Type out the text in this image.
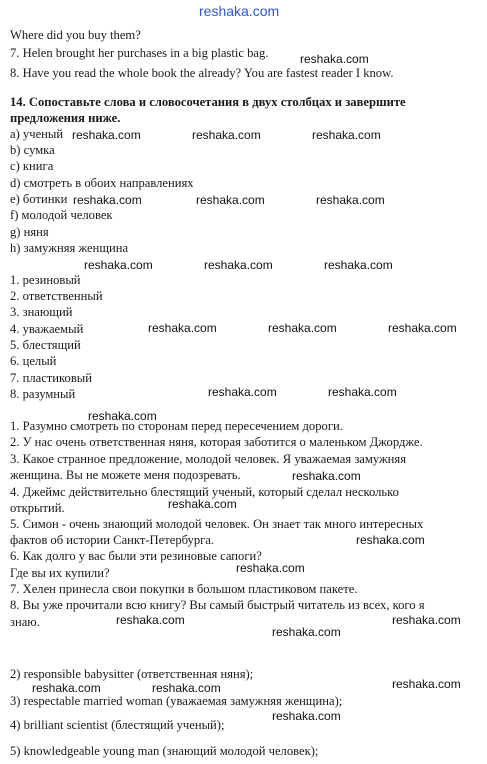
reshaka.com
Where did you buy them?
7. Helen brought her purchases in a big plastic bag.
8. Have you read the whole book the already? You are fastest reader I know.
14. Сопоставьте слова и словосочетания в двух столбцах и завершите
предложения ниже.
a) ученый
b) сумка
c) книга
d) смотреть в обоих направлениях
e) ботинки
f) молодой человек
g) няня
h) замужняя женщина
1. резиновый
2. ответственный
3. знающий
4. уважаемый
5. блестящий
6. целый
7. пластиковый
8. разумный
1. Разумно смотреть по сторонам перед пересечением дороги.
2. У нас очень ответственная няня, которая заботится о маленьком Джордже.
3. Какое странное предложение, молодой человек. Я уважаемая замужняя
женщина. Вы не можете меня подозревать.
4. Джеймс действительно блестящий ученый, который сделал несколько
открытий.
5. Симон - очень знающий молодой человек. Он знает так много интересных
фактов об истории Санкт-Петербурга.
6. Как долго у вас были эти резиновые сапоги?
Где вы их купили?
7. Хелен принесла свои покупки в большом пластиковом пакете.
8. Вы уже прочитали всю книгу? Вы самый быстрый читатель из всех, кого я
знаю.
2) responsible babysitter (ответственная няня);
3) respectable married woman (уважаемая замужняя женщина);
4) brilliant scientist (блестящий ученый);
5) knowledgeable young man (знающий молодой человек);
reshaka.com
reshaka.com	reshaka.com	reshaka.com
reshaka.com	reshaka.com	reshaka.com
reshaka.com	reshaka.com	reshaka.com
reshaka.com	reshaka.com	reshaka.com
reshaka.com	reshaka.com
reshaka.com
reshaka.com
reshaka.com
reshaka.com
reshaka.com
reshaka.com	reshaka.com
reshaka.com
reshaka.com	reshaka.com	reshaka.com
reshaka.com
